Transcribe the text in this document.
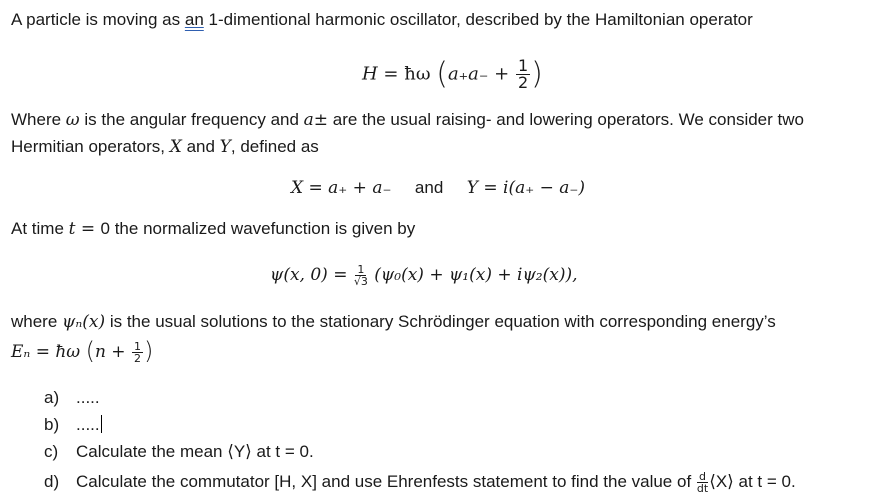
A particle is moving as an 1-dimentional harmonic oscillator, described by the Hamiltonian operator
H = ħω ($a_+a_- + \frac{1}{2}$ )
Where ω is the angular frequency and a± are the usual raising- and lowering operators. We consider two
Hermitian operators, X and Y, defined as
X = a₊ + a₋ and Y = i(a₊ − a₋)
At time t = 0 the normalized wavefunction is given by
ψ(x, $0) = \frac{1}{√3} (\psi_0(x) + \psi_1(x) + i\psi_2(x))$,
where ψₙ(x) is the usual solutions to the stationary Schrödinger equation with corresponding energy’s
Eₙ = ħω ($n + \frac{1}{2}$ )
a) .....
b) .....
c) Calculate the mean ⟨Y⟩ at t = 0.
d) Calculate the commutator [H, X] and use Ehrenfests statement to find the value of $\frac{d}{dt}$ ⟨X⟩ at t = 0.
